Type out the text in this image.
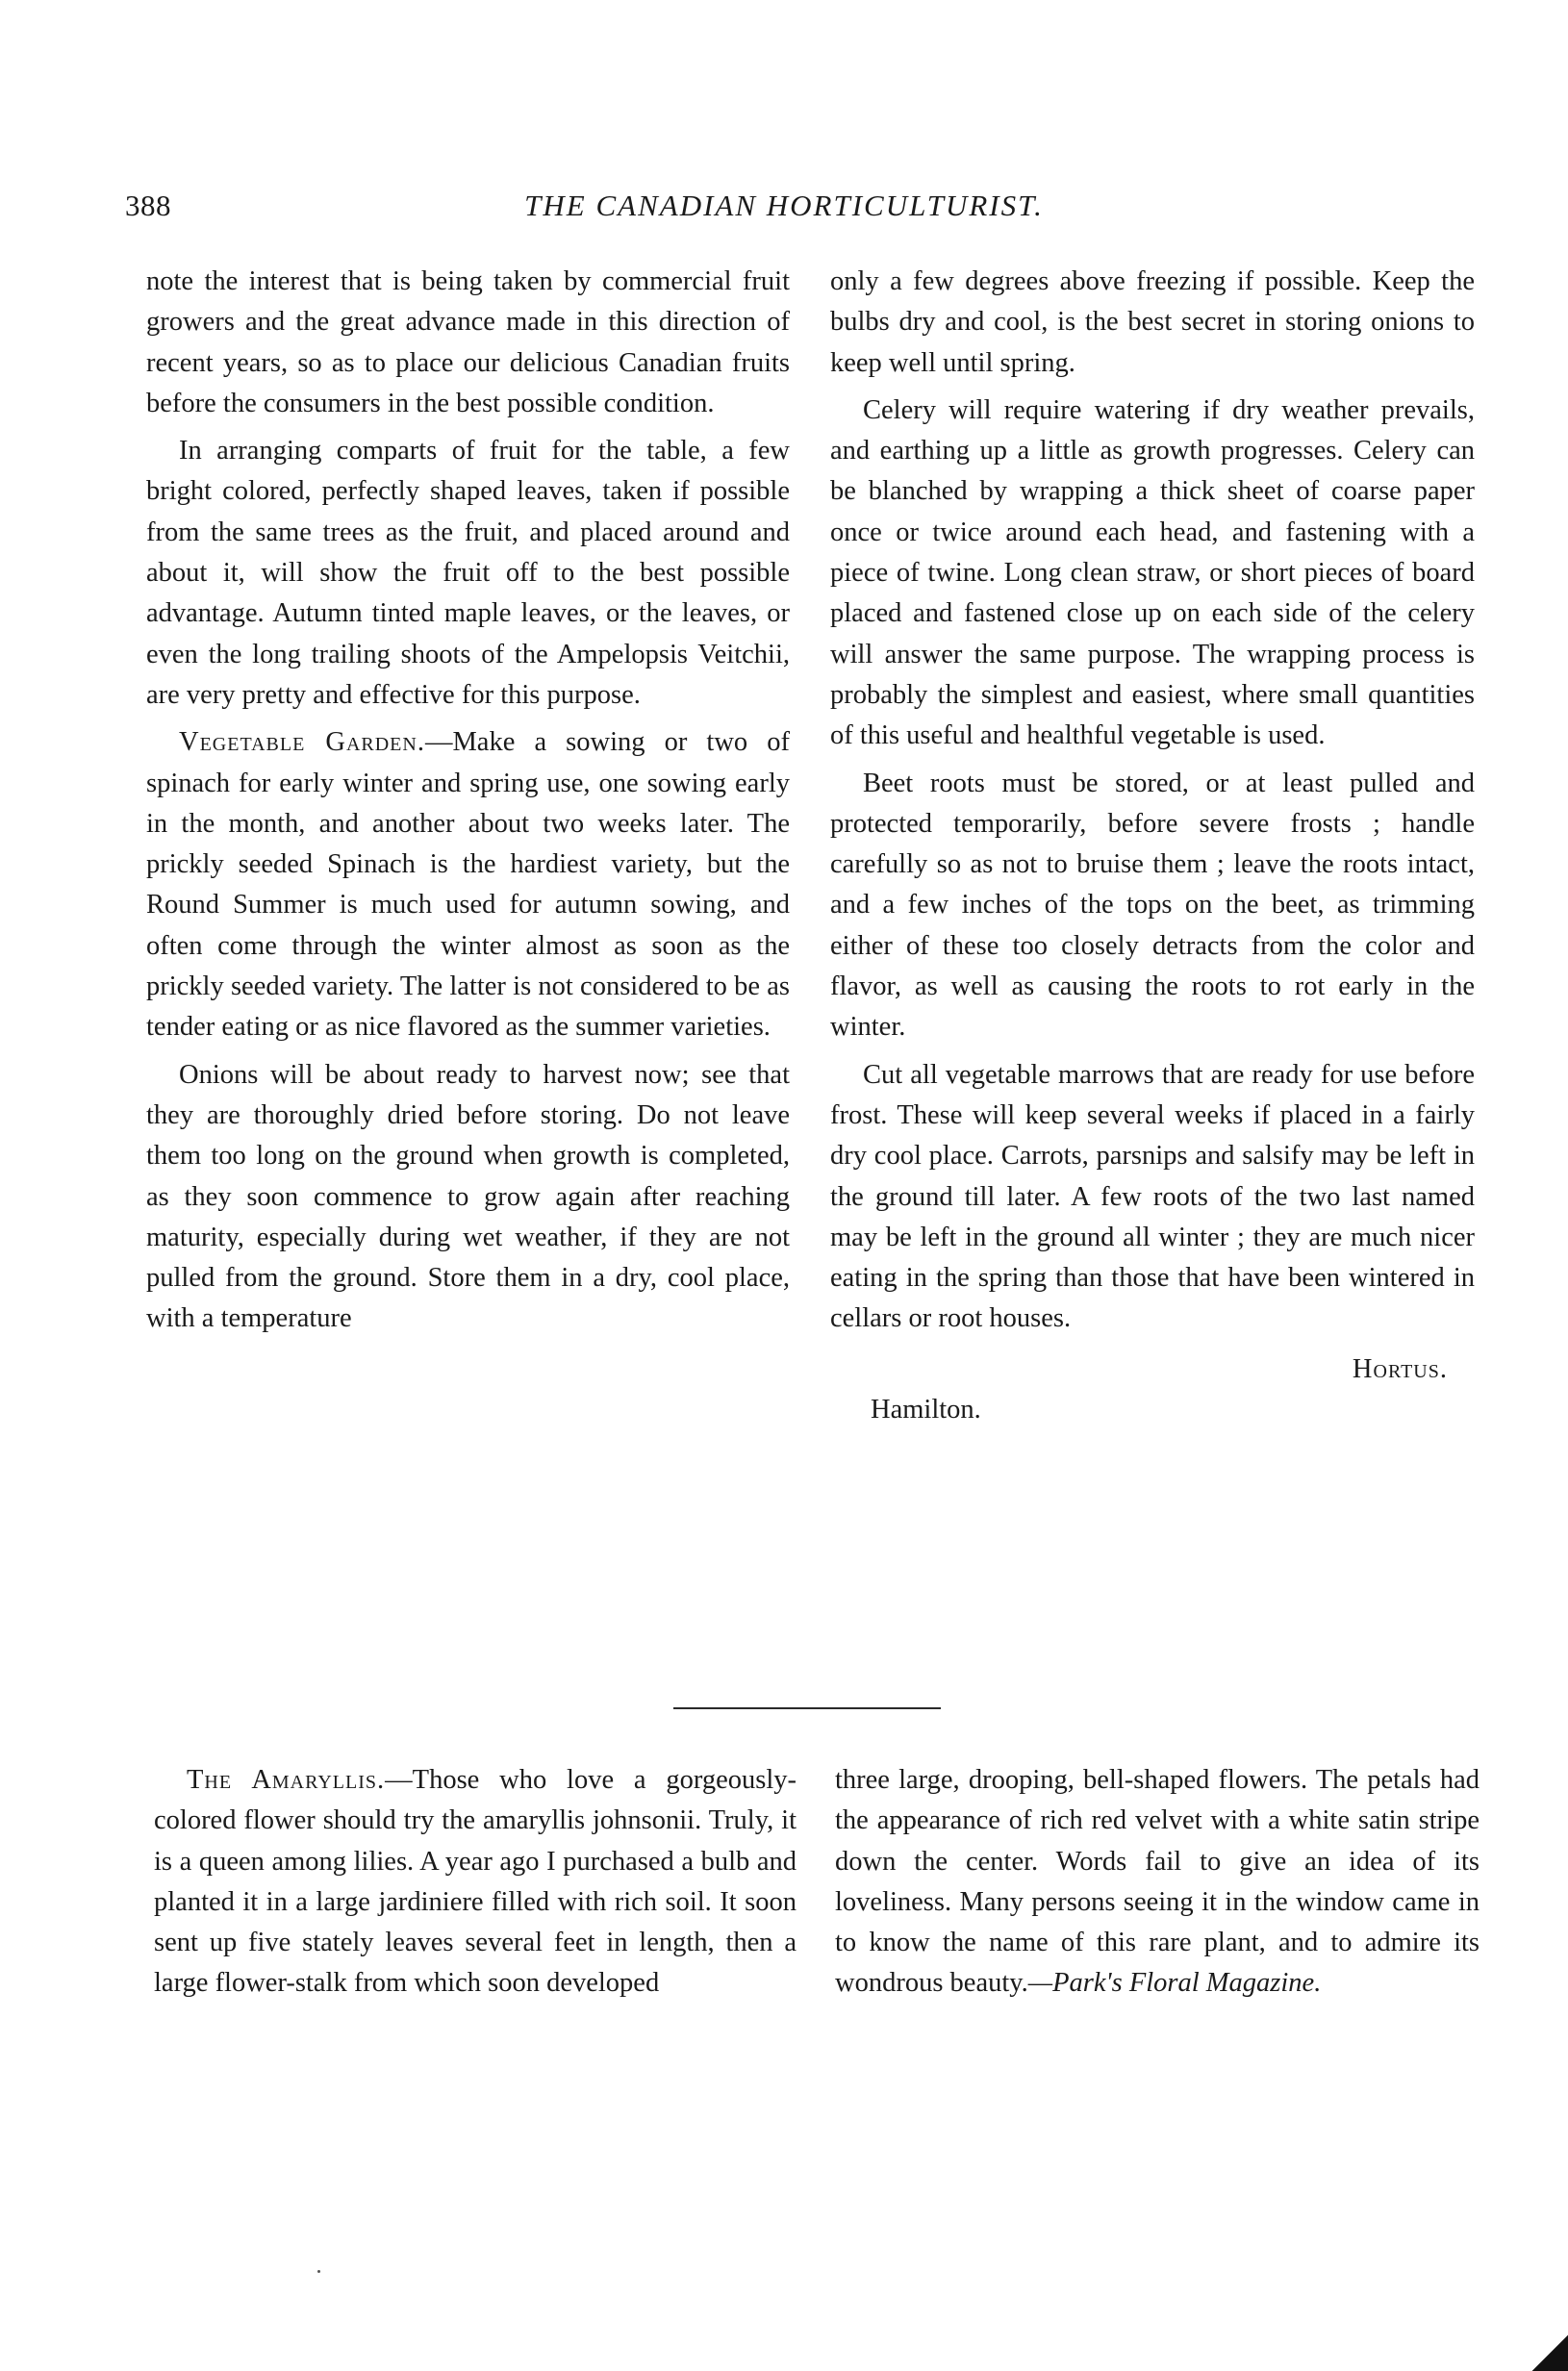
388	THE CANADIAN HORTICULTURIST.

note the interest that is being taken by commercial fruit growers and the great advance made in this direction of recent years, so as to place our delicious Canadian fruits before the consumers in the best possible condition.

In arranging comparts of fruit for the table, a few bright colored, perfectly shaped leaves, taken if possible from the same trees as the fruit, and placed around and about it, will show the fruit off to the best possible advantage. Autumn tinted maple leaves, or the leaves, or even the long trailing shoots of the Ampelopsis Veitchii, are very pretty and effective for this purpose.

Vegetable Garden.—Make a sowing or two of spinach for early winter and spring use, one sowing early in the month, and another about two weeks later. The prickly seeded Spinach is the hardiest variety, but the Round Summer is much used for autumn sowing, and often come through the winter almost as soon as the prickly seeded variety. The latter is not considered to be as tender eating or as nice flavored as the summer varieties.

Onions will be about ready to harvest now; see that they are thoroughly dried before storing. Do not leave them too long on the ground when growth is completed, as they soon commence to grow again after reaching maturity, especially during wet weather, if they are not pulled from the ground. Store them in a dry, cool place, with a temperature

only a few degrees above freezing if possible. Keep the bulbs dry and cool, is the best secret in storing onions to keep well until spring.

Celery will require watering if dry weather prevails, and earthing up a little as growth progresses. Celery can be blanched by wrapping a thick sheet of coarse paper once or twice around each head, and fastening with a piece of twine. Long clean straw, or short pieces of board placed and fastened close up on each side of the celery will answer the same purpose. The wrapping process is probably the simplest and easiest, where small quantities of this useful and healthful vegetable is used.

Beet roots must be stored, or at least pulled and protected temporarily, before severe frosts ; handle carefully so as not to bruise them ; leave the roots intact, and a few inches of the tops on the beet, as trimming either of these too closely detracts from the color and flavor, as well as causing the roots to rot early in the winter.

Cut all vegetable marrows that are ready for use before frost. These will keep several weeks if placed in a fairly dry cool place. Carrots, parsnips and salsify may be left in the ground till later. A few roots of the two last named may be left in the ground all winter ; they are much nicer eating in the spring than those that have been wintered in cellars or root houses.

Hortus.

Hamilton.

The Amaryllis.—Those who love a gorgeously-colored flower should try the amaryllis johnsonii. Truly, it is a queen among lilies. A year ago I purchased a bulb and planted it in a large jardiniere filled with rich soil. It soon sent up five stately leaves several feet in length, then a large flower-stalk from which soon developed

three large, drooping, bell-shaped flowers. The petals had the appearance of rich red velvet with a white satin stripe down the center. Words fail to give an idea of its loveliness. Many persons seeing it in the window came in to know the name of this rare plant, and to admire its wondrous beauty.—Park's Floral Magazine.
